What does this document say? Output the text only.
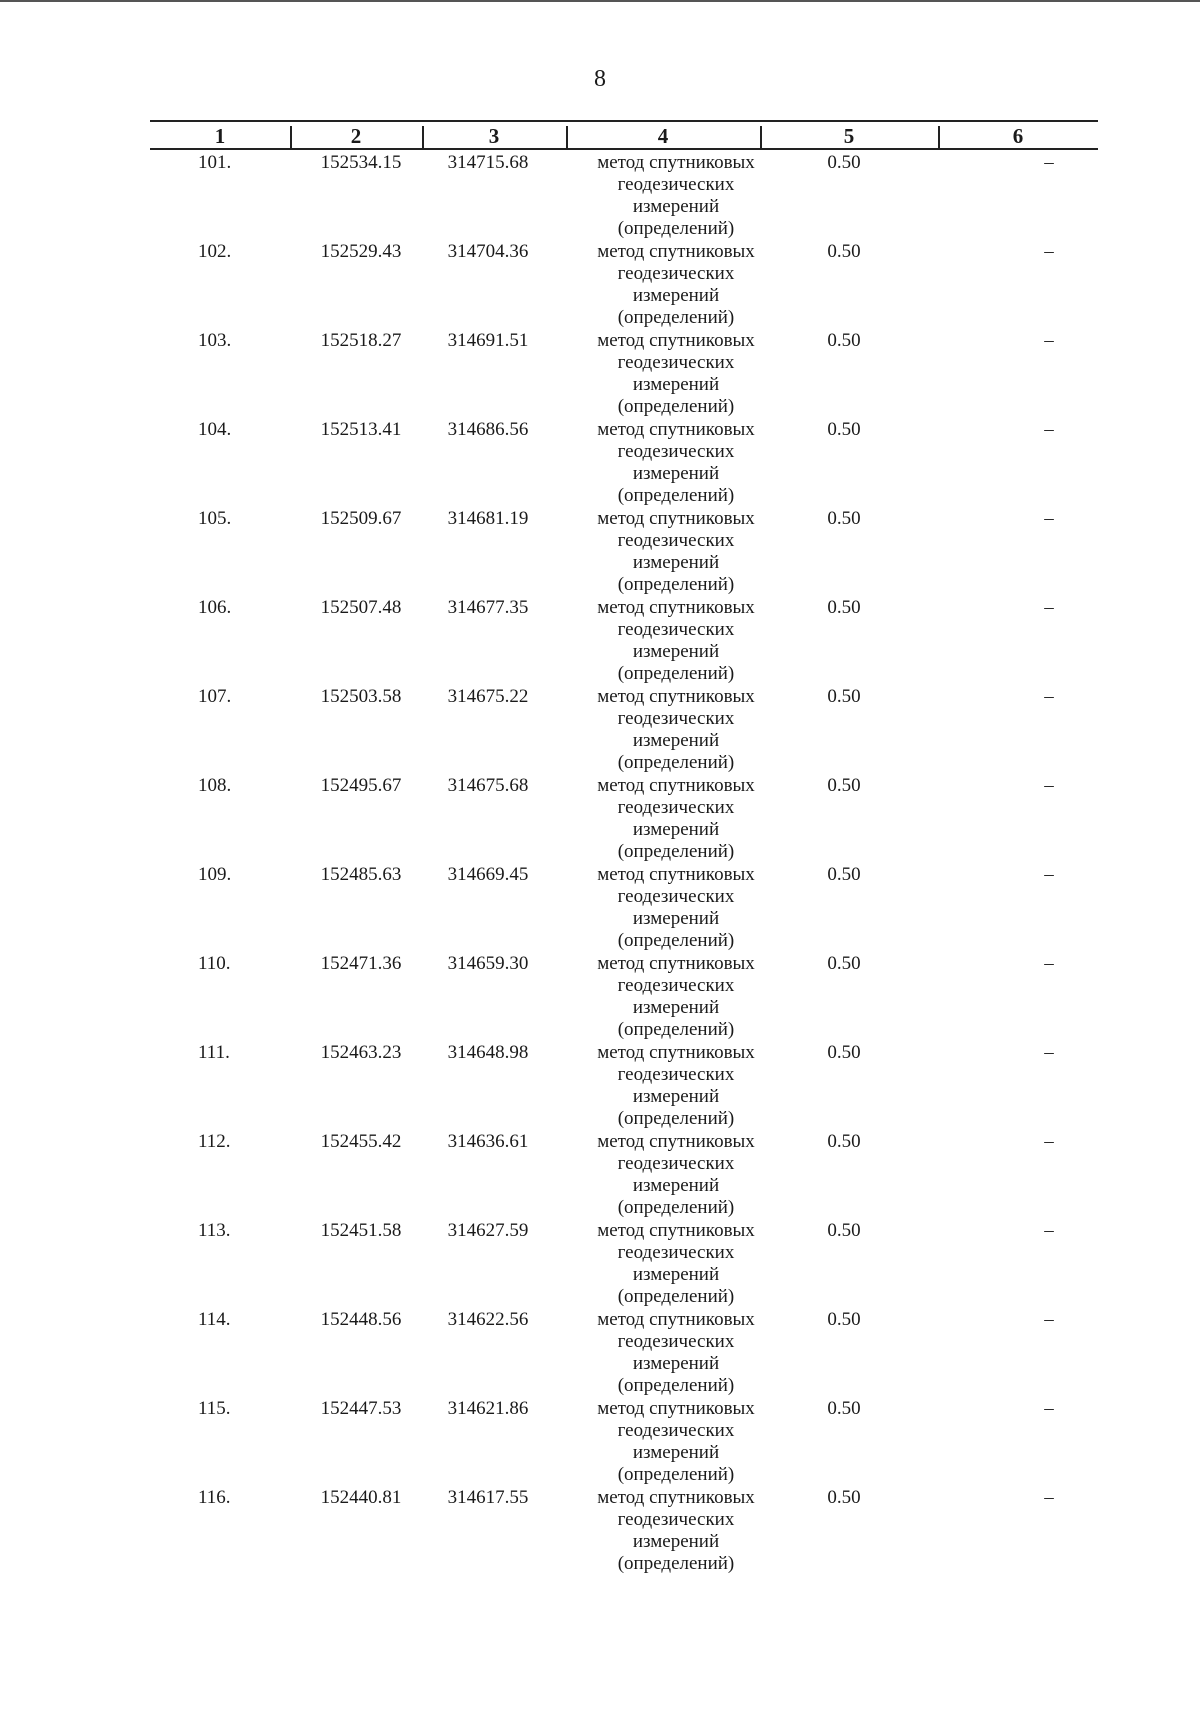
8
1	2	3	4	5	6
101.	152534.15	314715.68	метод спутниковых
геодезических
измерений
(определений)
0.50	–
102.	152529.43	314704.36	метод спутниковых
геодезических
измерений
(определений)
0.50	–
103.	152518.27	314691.51	метод спутниковых
геодезических
измерений
(определений)
0.50	–
104.	152513.41	314686.56	метод спутниковых
геодезических
измерений
(определений)
0.50	–
105.	152509.67	314681.19	метод спутниковых
геодезических
измерений
(определений)
0.50	–
106.	152507.48	314677.35	метод спутниковых
геодезических
измерений
(определений)
0.50	–
107.	152503.58	314675.22	метод спутниковых
геодезических
измерений
(определений)
0.50	–
108.	152495.67	314675.68	метод спутниковых
геодезических
измерений
(определений)
0.50	–
109.	152485.63	314669.45	метод спутниковых
геодезических
измерений
(определений)
0.50	–
110.	152471.36	314659.30	метод спутниковых
геодезических
измерений
(определений)
0.50	–
111.	152463.23	314648.98	метод спутниковых
геодезических
измерений
(определений)
0.50	–
112.	152455.42	314636.61	метод спутниковых
геодезических
измерений
(определений)
0.50	–
113.	152451.58	314627.59	метод спутниковых
геодезических
измерений
(определений)
0.50	–
114.	152448.56	314622.56	метод спутниковых
геодезических
измерений
(определений)
0.50	–
115.	152447.53	314621.86	метод спутниковых
геодезических
измерений
(определений)
0.50	–
116.	152440.81	314617.55	метод спутниковых
геодезических
измерений
(определений)
0.50	–
